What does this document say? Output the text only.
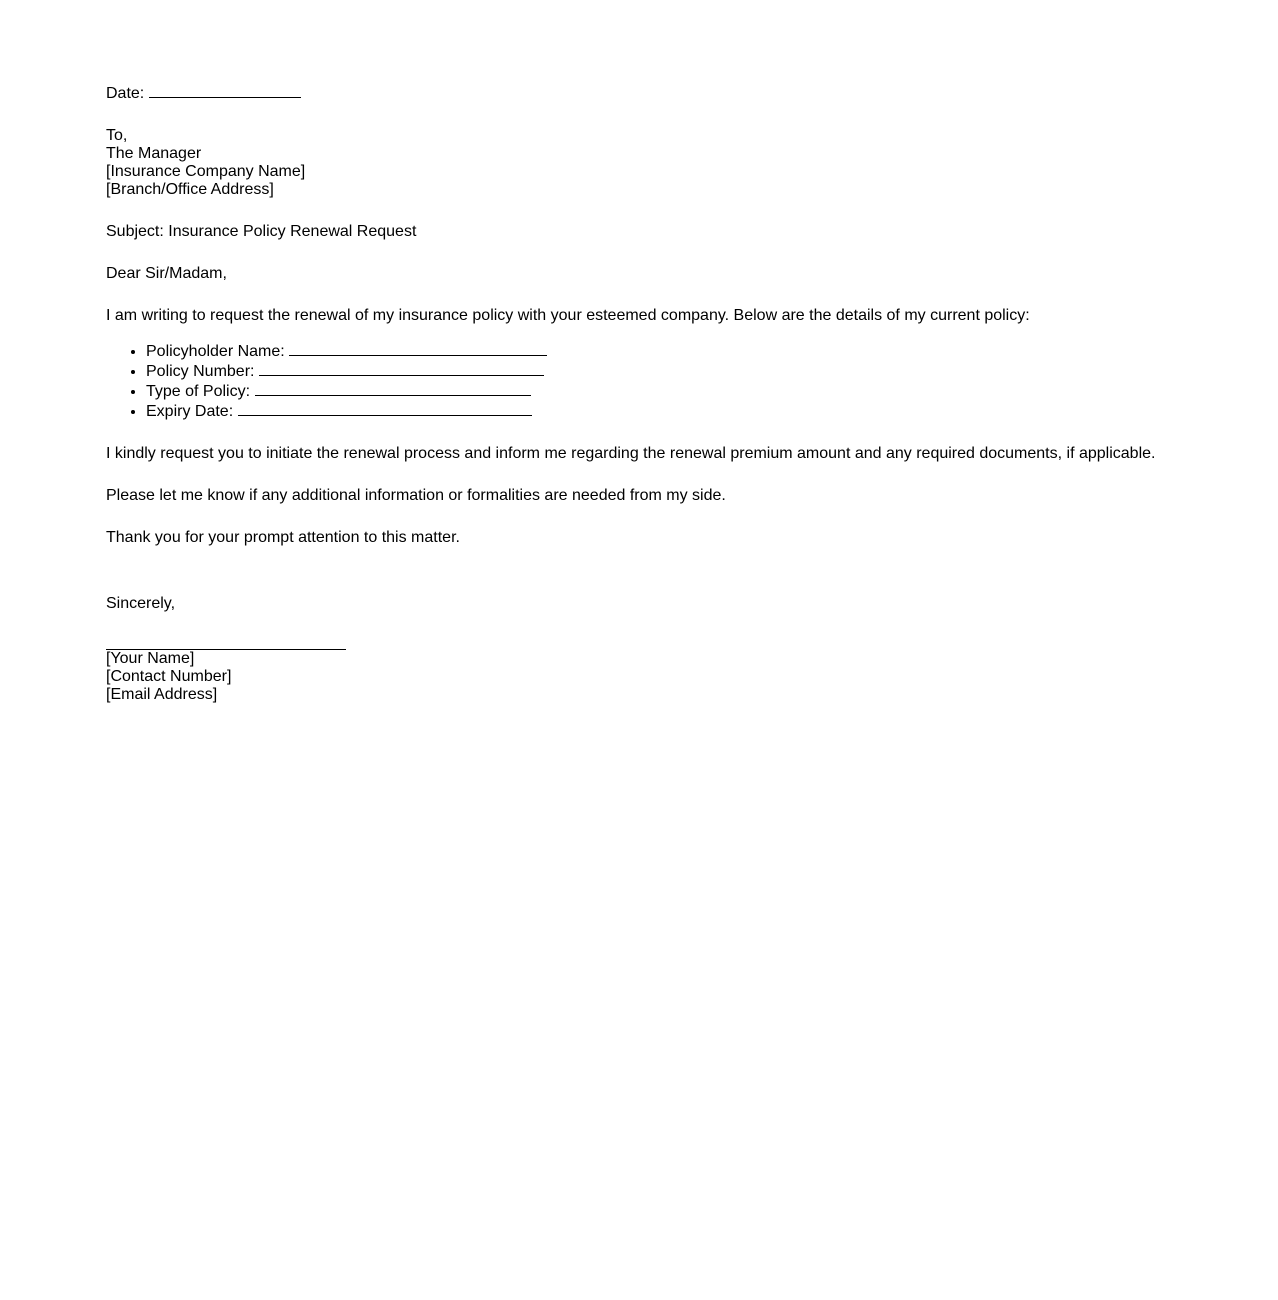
Date:
To,
The Manager
[Insurance Company Name]
[Branch/Office Address]
Subject: Insurance Policy Renewal Request
Dear Sir/Madam,
I am writing to request the renewal of my insurance policy with your esteemed company. Below are the details of my current policy:
• Policyholder Name:
• Policy Number:
• Type of Policy:
• Expiry Date:
I kindly request you to initiate the renewal process and inform me regarding the renewal premium amount and any required documents, if applicable.
Please let me know if any additional information or formalities are needed from my side.
Thank you for your prompt attention to this matter.
Sincerely,
[Your Name]
[Contact Number]
[Email Address]
